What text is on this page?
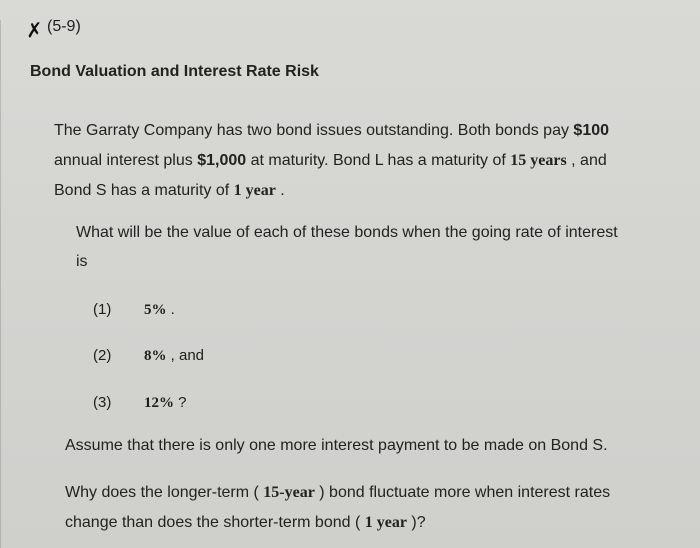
✗ (5-9)
Bond Valuation and Interest Rate Risk
The Garraty Company has two bond issues outstanding. Both bonds pay $100
annual interest plus $1,000 at maturity. Bond L has a maturity of 15 years , and
Bond S has a maturity of 1 year .
What will be the value of each of these bonds when the going rate of interest
is
(1) 5% .
(2) 8% , and
(3) 12% ?
Assume that there is only one more interest payment to be made on Bond S.
Why does the longer-term ( 15-year ) bond fluctuate more when interest rates
change than does the shorter-term bond ( 1 year )?
